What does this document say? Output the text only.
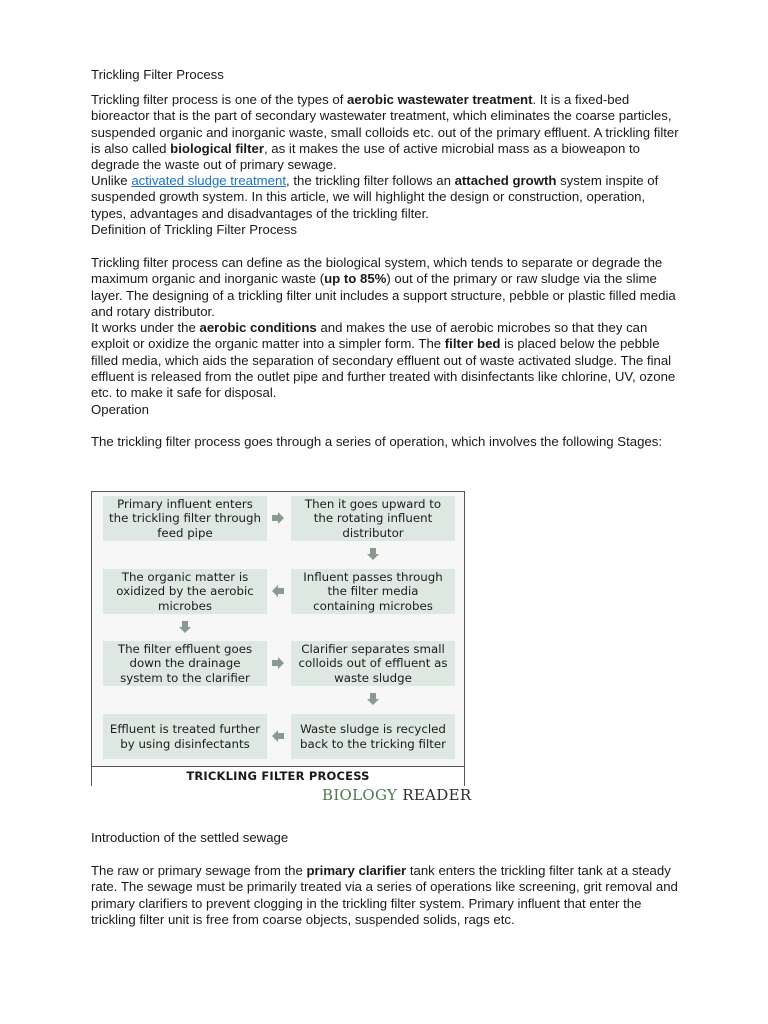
Trickling Filter Process

Trickling filter process is one of the types of aerobic wastewater treatment. It is a fixed-bed bioreactor that is the part of secondary wastewater treatment, which eliminates the coarse particles, suspended organic and inorganic waste, small colloids etc. out of the primary effluent. A trickling filter is also called biological filter, as it makes the use of active microbial mass as a bioweapon to degrade the waste out of primary sewage.

Unlike activated sludge treatment, the trickling filter follows an attached growth system inspite of suspended growth system. In this article, we will highlight the design or construction, operation, types, advantages and disadvantages of the trickling filter.

Definition of Trickling Filter Process

Trickling filter process can define as the biological system, which tends to separate or degrade the maximum organic and inorganic waste (up to 85%) out of the primary or raw sludge via the slime layer. The designing of a trickling filter unit includes a support structure, pebble or plastic filled media and rotary distributor.

It works under the aerobic conditions and makes the use of aerobic microbes so that they can exploit or oxidize the organic matter into a simpler form. The filter bed is placed below the pebble filled media, which aids the separation of secondary effluent out of waste activated sludge. The final effluent is released from the outlet pipe and further treated with disinfectants like chlorine, UV, ozone etc. to make it safe for disposal.

Operation

The trickling filter process goes through a series of operation, which involves the following Stages:

Primary influent enters the trickling filter through feed pipe
Then it goes upward to the rotating influent distributor
Influent passes through the filter media containing microbes
The organic matter is oxidized by the aerobic microbes
The filter effluent goes down the drainage system to the clarifier
Clarifier separates small colloids out of effluent as waste sludge
Waste sludge is recycled back to the tricking filter
Effluent is treated further by using disinfectants
TRICKLING FILTER PROCESS
BIOLOGY READER

Introduction of the settled sewage

The raw or primary sewage from the primary clarifier tank enters the trickling filter tank at a steady rate. The sewage must be primarily treated via a series of operations like screening, grit removal and primary clarifiers to prevent clogging in the trickling filter system. Primary influent that enter the trickling filter unit is free from coarse objects, suspended solids, rags etc.
